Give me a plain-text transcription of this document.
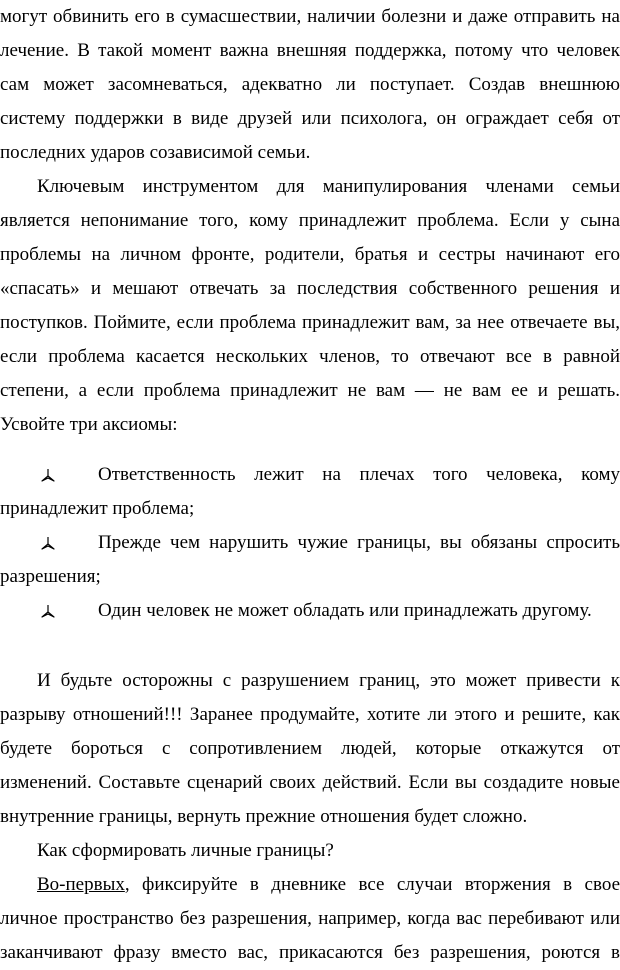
могут обвинить его в сумасшествии, наличии болезни и даже отправить на
лечение. В такой момент важна внешняя поддержка, потому что человек
сам может засомневаться, адекватно ли поступает. Создав внешнюю
систему поддержки в виде друзей или психолога, он ограждает себя от
последних ударов созависимой семьи.
Ключевым инструментом для манипулирования членами семьи
является непонимание того, кому принадлежит проблема. Если у сына
проблемы на личном фронте, родители, братья и сестры начинают его
«спасать» и мешают отвечать за последствия собственного решения и
поступков. Поймите, если проблема принадлежит вам, за нее отвечаете вы,
если проблема касается нескольких членов, то отвечают все в равной
степени, а если проблема принадлежит не вам — не вам ее и решать.
Усвойте три аксиомы:
Ответственность лежит на плечах того человека, кому
принадлежит проблема;
Прежде чем нарушить чужие границы, вы обязаны спросить
разрешения;
Один человек не может обладать или принадлежать другому.
И будьте осторожны с разрушением границ, это может привести к
разрыву отношений!!! Заранее продумайте, хотите ли этого и решите, как
будете бороться с сопротивлением людей, которые откажутся от
изменений. Составьте сценарий своих действий. Если вы создадите новые
внутренние границы, вернуть прежние отношения будет сложно.
Как сформировать личные границы?
Во-первых, фиксируйте в дневнике все случаи вторжения в свое
личное пространство без разрешения, например, когда вас перебивают или
заканчивают фразу вместо вас, прикасаются без разрешения, роются в
